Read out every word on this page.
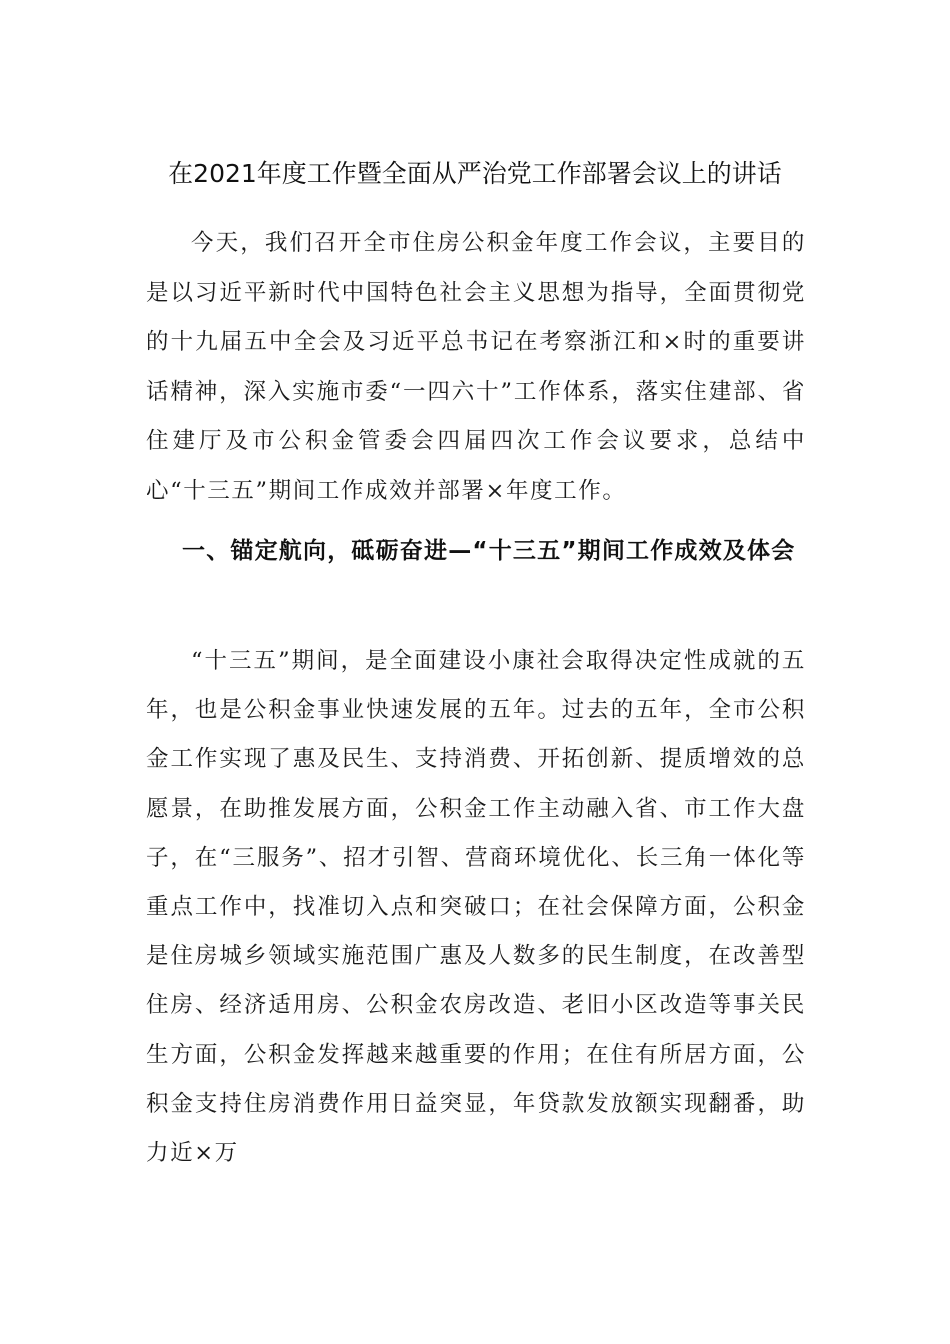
在2021年度工作暨全面从严治党工作部署会议上的讲话

今天，我们召开全市住房公积金年度工作会议，主要目的是以习近平新时代中国特色社会主义思想为指导，全面贯彻党的十九届五中全会及习近平总书记在考察浙江和×时的重要讲话精神，深入实施市委“一四六十”工作体系，落实住建部、省住建厅及市公积金管委会四届四次工作会议要求，总结中心“十三五”期间工作成效并部署×年度工作。

一、锚定航向，砥砺奋进—“十三五”期间工作成效及体会

“十三五”期间，是全面建设小康社会取得决定性成就的五年，也是公积金事业快速发展的五年。过去的五年，全市公积金工作实现了惠及民生、支持消费、开拓创新、提质增效的总愿景，在助推发展方面，公积金工作主动融入省、市工作大盘子，在“三服务”、招才引智、营商环境优化、长三角一体化等重点工作中，找准切入点和突破口；在社会保障方面，公积金是住房城乡领域实施范围广惠及人数多的民生制度，在改善型住房、经济适用房、公积金农房改造、老旧小区改造等事关民生方面，公积金发挥越来越重要的作用；在住有所居方面，公积金支持住房消费作用日益突显，年贷款发放额实现翻番，助力近×万
